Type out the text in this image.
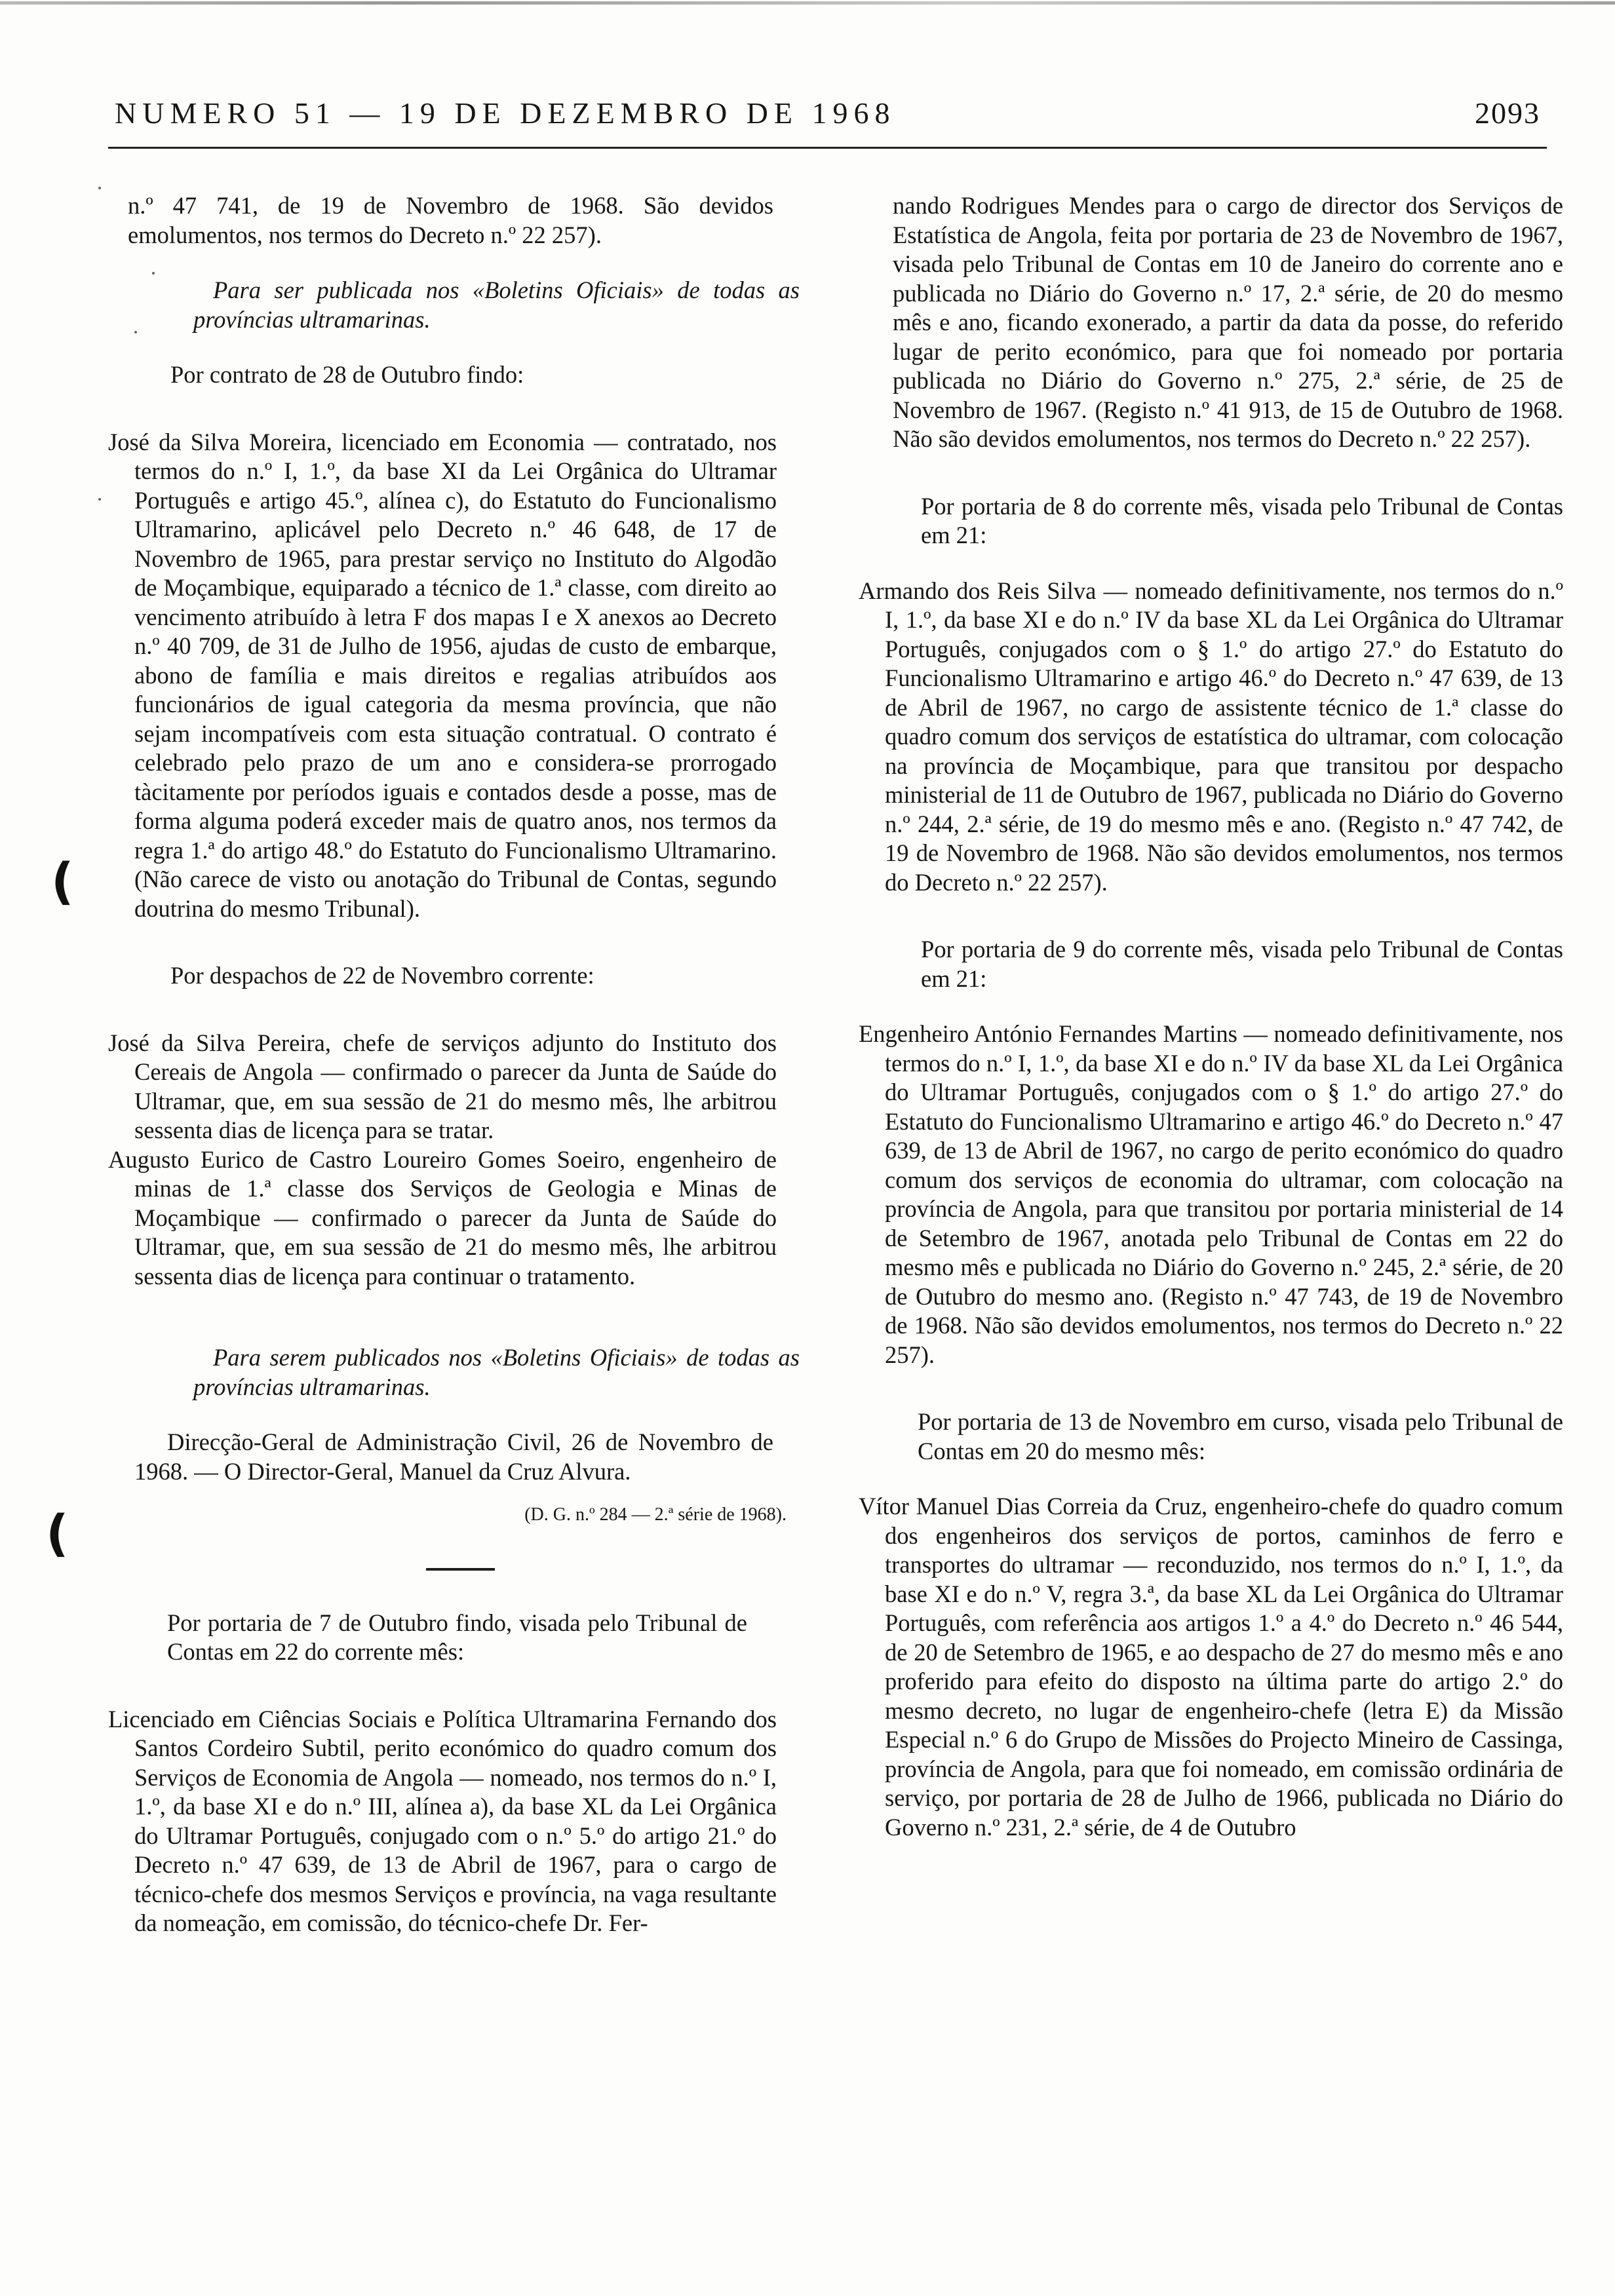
NUMERO 51 — 19 DE DEZEMBRO DE 1968	2093

n.º 47 741, de 19 de Novembro de 1968. São devidos emolumentos, nos termos do Decreto n.º 22 257).

Para ser publicada nos «Boletins Oficiais» de todas as províncias ultramarinas.

Por contrato de 28 de Outubro findo:

José da Silva Moreira, licenciado em Economia — contratado, nos termos do n.º I, 1.º, da base XI da Lei Orgânica do Ultramar Português e artigo 45.º, alínea c), do Estatuto do Funcionalismo Ultramarino, aplicável pelo Decreto n.º 46 648, de 17 de Novembro de 1965, para prestar serviço no Instituto do Algodão de Moçambique, equiparado a técnico de 1.ª classe, com direito ao vencimento atribuído à letra F dos mapas I e X anexos ao Decreto n.º 40 709, de 31 de Julho de 1956, ajudas de custo de embarque, abono de família e mais direitos e regalias atribuídos aos funcionários de igual categoria da mesma província, que não sejam incompatíveis com esta situação contratual. O contrato é celebrado pelo prazo de um ano e considera-se prorrogado tàcitamente por períodos iguais e contados desde a posse, mas de forma alguma poderá exceder mais de quatro anos, nos termos da regra 1.ª do artigo 48.º do Estatuto do Funcionalismo Ultramarino. (Não carece de visto ou anotação do Tribunal de Contas, segundo doutrina do mesmo Tribunal).

Por despachos de 22 de Novembro corrente:

José da Silva Pereira, chefe de serviços adjunto do Instituto dos Cereais de Angola — confirmado o parecer da Junta de Saúde do Ultramar, que, em sua sessão de 21 do mesmo mês, lhe arbitrou sessenta dias de licença para se tratar.

Augusto Eurico de Castro Loureiro Gomes Soeiro, engenheiro de minas de 1.ª classe dos Serviços de Geologia e Minas de Moçambique — confirmado o parecer da Junta de Saúde do Ultramar, que, em sua sessão de 21 do mesmo mês, lhe arbitrou sessenta dias de licença para continuar o tratamento.

Para serem publicados nos «Boletins Oficiais» de todas as províncias ultramarinas.

Direcção-Geral de Administração Civil, 26 de Novembro de 1968. — O Director-Geral, Manuel da Cruz Alvura.

(D. G. n.º 284 — 2.ª série de 1968).

Por portaria de 7 de Outubro findo, visada pelo Tribunal de Contas em 22 do corrente mês:

Licenciado em Ciências Sociais e Política Ultramarina Fernando dos Santos Cordeiro Subtil, perito económico do quadro comum dos Serviços de Economia de Angola — nomeado, nos termos do n.º I, 1.º, da base XI e do n.º III, alínea a), da base XL da Lei Orgânica do Ultramar Português, conjugado com o n.º 5.º do artigo 21.º do Decreto n.º 47 639, de 13 de Abril de 1967, para o cargo de técnico-chefe dos mesmos Serviços e província, na vaga resultante da nomeação, em comissão, do técnico-chefe Dr. Fer-

nando Rodrigues Mendes para o cargo de director dos Serviços de Estatística de Angola, feita por portaria de 23 de Novembro de 1967, visada pelo Tribunal de Contas em 10 de Janeiro do corrente ano e publicada no Diário do Governo n.º 17, 2.ª série, de 20 do mesmo mês e ano, ficando exonerado, a partir da data da posse, do referido lugar de perito económico, para que foi nomeado por portaria publicada no Diário do Governo n.º 275, 2.ª série, de 25 de Novembro de 1967. (Registo n.º 41 913, de 15 de Outubro de 1968. Não são devidos emolumentos, nos termos do Decreto n.º 22 257).

Por portaria de 8 do corrente mês, visada pelo Tribunal de Contas em 21:

Armando dos Reis Silva — nomeado definitivamente, nos termos do n.º I, 1.º, da base XI e do n.º IV da base XL da Lei Orgânica do Ultramar Português, conjugados com o § 1.º do artigo 27.º do Estatuto do Funcionalismo Ultramarino e artigo 46.º do Decreto n.º 47 639, de 13 de Abril de 1967, no cargo de assistente técnico de 1.ª classe do quadro comum dos serviços de estatística do ultramar, com colocação na província de Moçambique, para que transitou por despacho ministerial de 11 de Outubro de 1967, publicada no Diário do Governo n.º 244, 2.ª série, de 19 do mesmo mês e ano. (Registo n.º 47 742, de 19 de Novembro de 1968. Não são devidos emolumentos, nos termos do Decreto n.º 22 257).

Por portaria de 9 do corrente mês, visada pelo Tribunal de Contas em 21:

Engenheiro António Fernandes Martins — nomeado definitivamente, nos termos do n.º I, 1.º, da base XI e do n.º IV da base XL da Lei Orgânica do Ultramar Português, conjugados com o § 1.º do artigo 27.º do Estatuto do Funcionalismo Ultramarino e artigo 46.º do Decreto n.º 47 639, de 13 de Abril de 1967, no cargo de perito económico do quadro comum dos serviços de economia do ultramar, com colocação na província de Angola, para que transitou por portaria ministerial de 14 de Setembro de 1967, anotada pelo Tribunal de Contas em 22 do mesmo mês e publicada no Diário do Governo n.º 245, 2.ª série, de 20 de Outubro do mesmo ano. (Registo n.º 47 743, de 19 de Novembro de 1968. Não são devidos emolumentos, nos termos do Decreto n.º 22 257).

Por portaria de 13 de Novembro em curso, visada pelo Tribunal de Contas em 20 do mesmo mês:

Vítor Manuel Dias Correia da Cruz, engenheiro-chefe do quadro comum dos engenheiros dos serviços de portos, caminhos de ferro e transportes do ultramar — reconduzido, nos termos do n.º I, 1.º, da base XI e do n.º V, regra 3.ª, da base XL da Lei Orgânica do Ultramar Português, com referência aos artigos 1.º a 4.º do Decreto n.º 46 544, de 20 de Setembro de 1965, e ao despacho de 27 do mesmo mês e ano proferido para efeito do disposto na última parte do artigo 2.º do mesmo decreto, no lugar de engenheiro-chefe (letra E) da Missão Especial n.º 6 do Grupo de Missões do Projecto Mineiro de Cassinga, província de Angola, para que foi nomeado, em comissão ordinária de serviço, por portaria de 28 de Julho de 1966, publicada no Diário do Governo n.º 231, 2.ª série, de 4 de Outubro

(
(
